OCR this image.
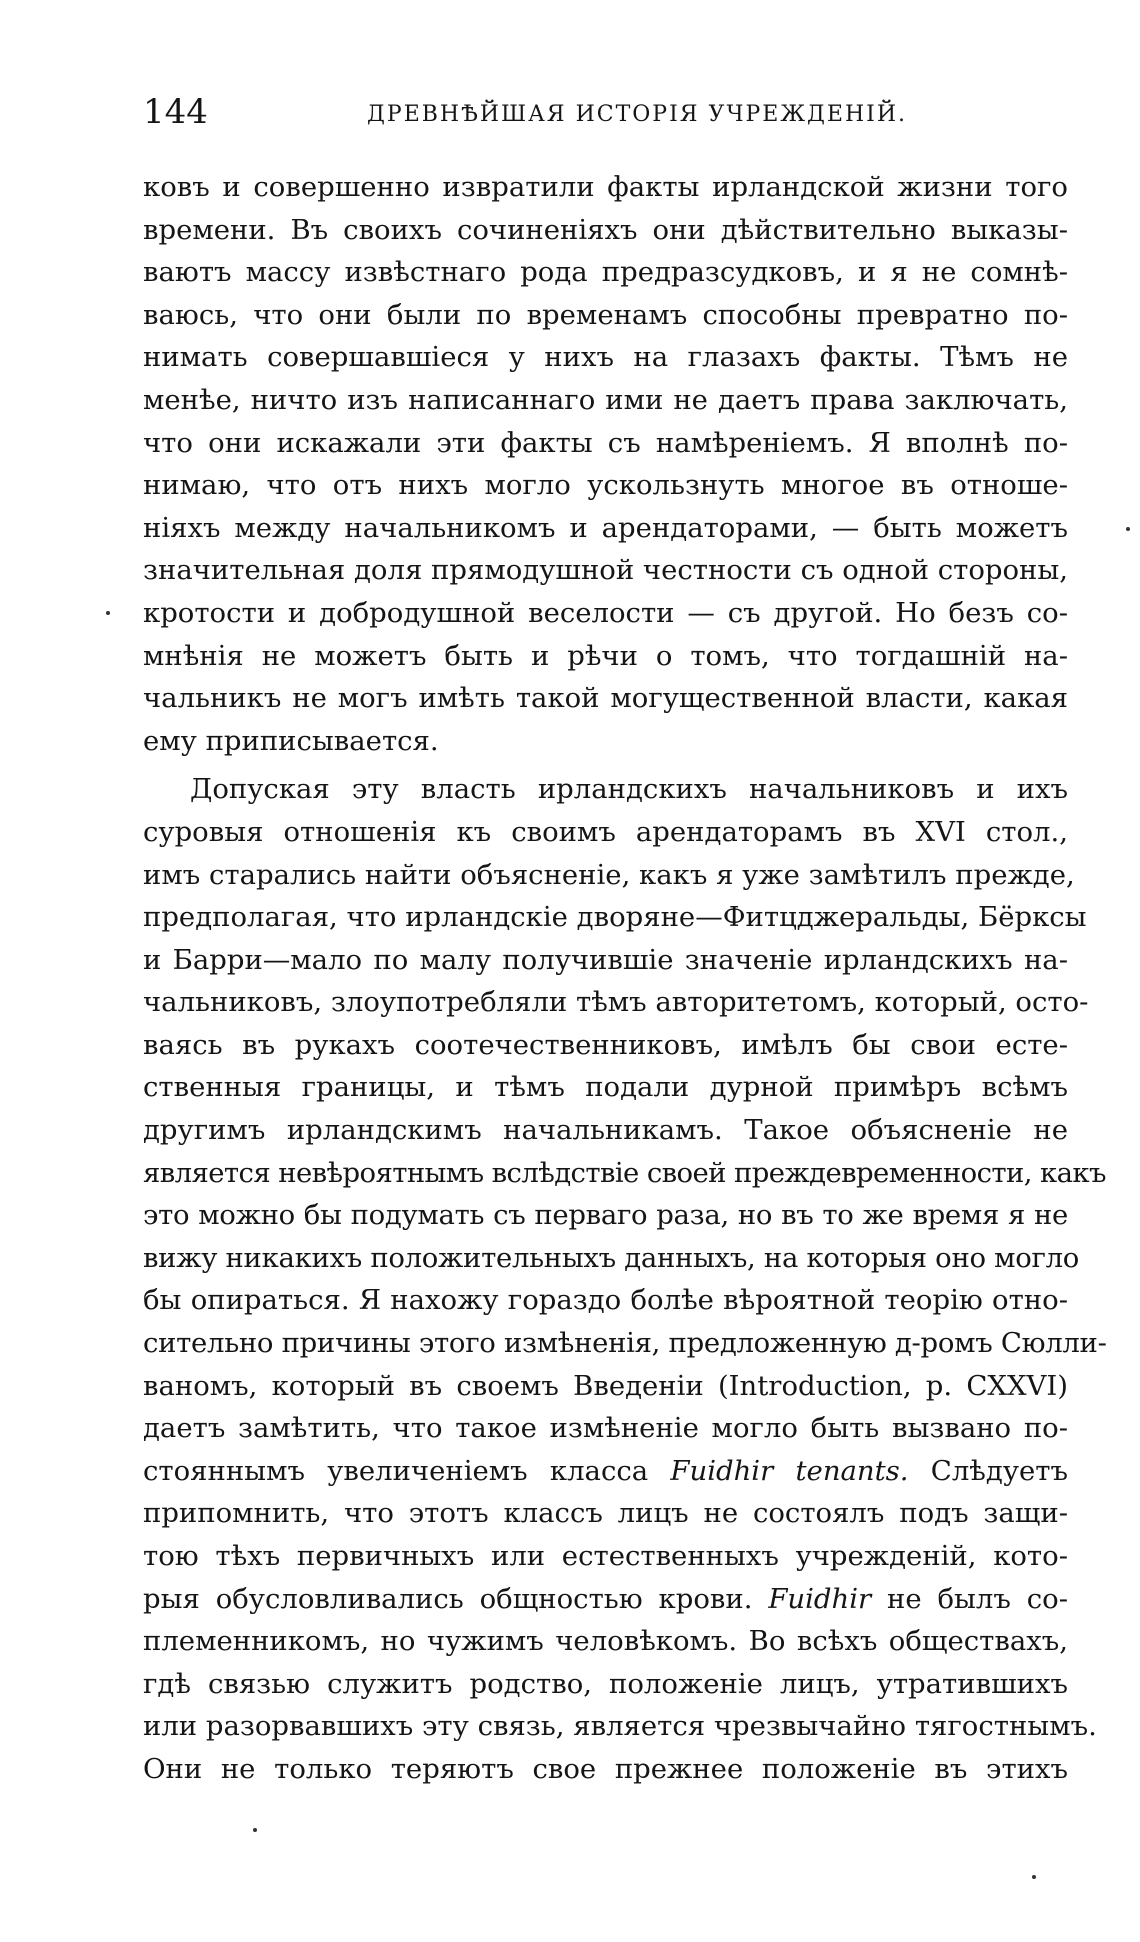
144	ДРЕВНѢЙШАЯ ИСТОРІЯ УЧРЕЖДЕНІЙ.
ковъ и совершенно извратили факты ирландской жизни того
времени. Въ своихъ сочиненіяхъ они дѣйствительно выказы-
ваютъ массу извѣстнаго рода предразсудковъ, и я не сомнѣ-
ваюсь, что они были по временамъ способны превратно по-
нимать совершавшіеся у нихъ на глазахъ факты. Тѣмъ не
менѣе, ничто изъ написаннаго ими не даетъ права заключать,
что они искажали эти факты съ намѣреніемъ. Я вполнѣ по-
нимаю, что отъ нихъ могло ускользнуть многое въ отноше-
ніяхъ между начальникомъ и арендаторами, — быть можетъ
значительная доля прямодушной честности съ одной стороны,
кротости и добродушной веселости — съ другой. Но безъ со-
мнѣнія не можетъ быть и рѣчи о томъ, что тогдашній на-
чальникъ не могъ имѣть такой могущественной власти, какая
ему приписывается.
Допуская эту власть ирландскихъ начальниковъ и ихъ
суровыя отношенія къ своимъ арендаторамъ въ XVI стол.,
имъ старались найти объясненіе, какъ я уже замѣтилъ прежде,
предполагая, что ирландскіе дворяне—Фитцджеральды, Бёрксы
и Барри—мало по малу получившіе значеніе ирландскихъ на-
чальниковъ, злоупотребляли тѣмъ авторитетомъ, который, осто-
ваясь въ рукахъ соотечественниковъ, имѣлъ бы свои есте-
ственныя границы, и тѣмъ подали дурной примѣръ всѣмъ
другимъ ирландскимъ начальникамъ. Такое объясненіе не
является невѣроятнымъ вслѣдствіе своей преждевременности, какъ
это можно бы подумать съ перваго раза, но въ то же время я не
вижу никакихъ положительныхъ данныхъ, на которыя оно могло
бы опираться. Я нахожу гораздо болѣе вѣроятной теорію отно-
сительно причины этого измѣненія, предложенную д-ромъ Сюлли-
ваномъ, который въ своемъ Введеніи (Introduction, p. CXXVI)
даетъ замѣтить, что такое измѣненіе могло быть вызвано по-
стояннымъ увеличеніемъ класса Fuidhir tenants. Слѣдуетъ
припомнить, что этотъ классъ лицъ не состоялъ подъ защи-
тою тѣхъ первичныхъ или естественныхъ учрежденій, кото-
рыя обусловливались общностью крови. Fuidhir не былъ со-
племенникомъ, но чужимъ человѣкомъ. Во всѣхъ обществахъ,
гдѣ связью служитъ родство, положеніе лицъ, утратившихъ
или разорвавшихъ эту связь, является чрезвычайно тягостнымъ.
Они не только теряютъ свое прежнее положеніе въ этихъ
